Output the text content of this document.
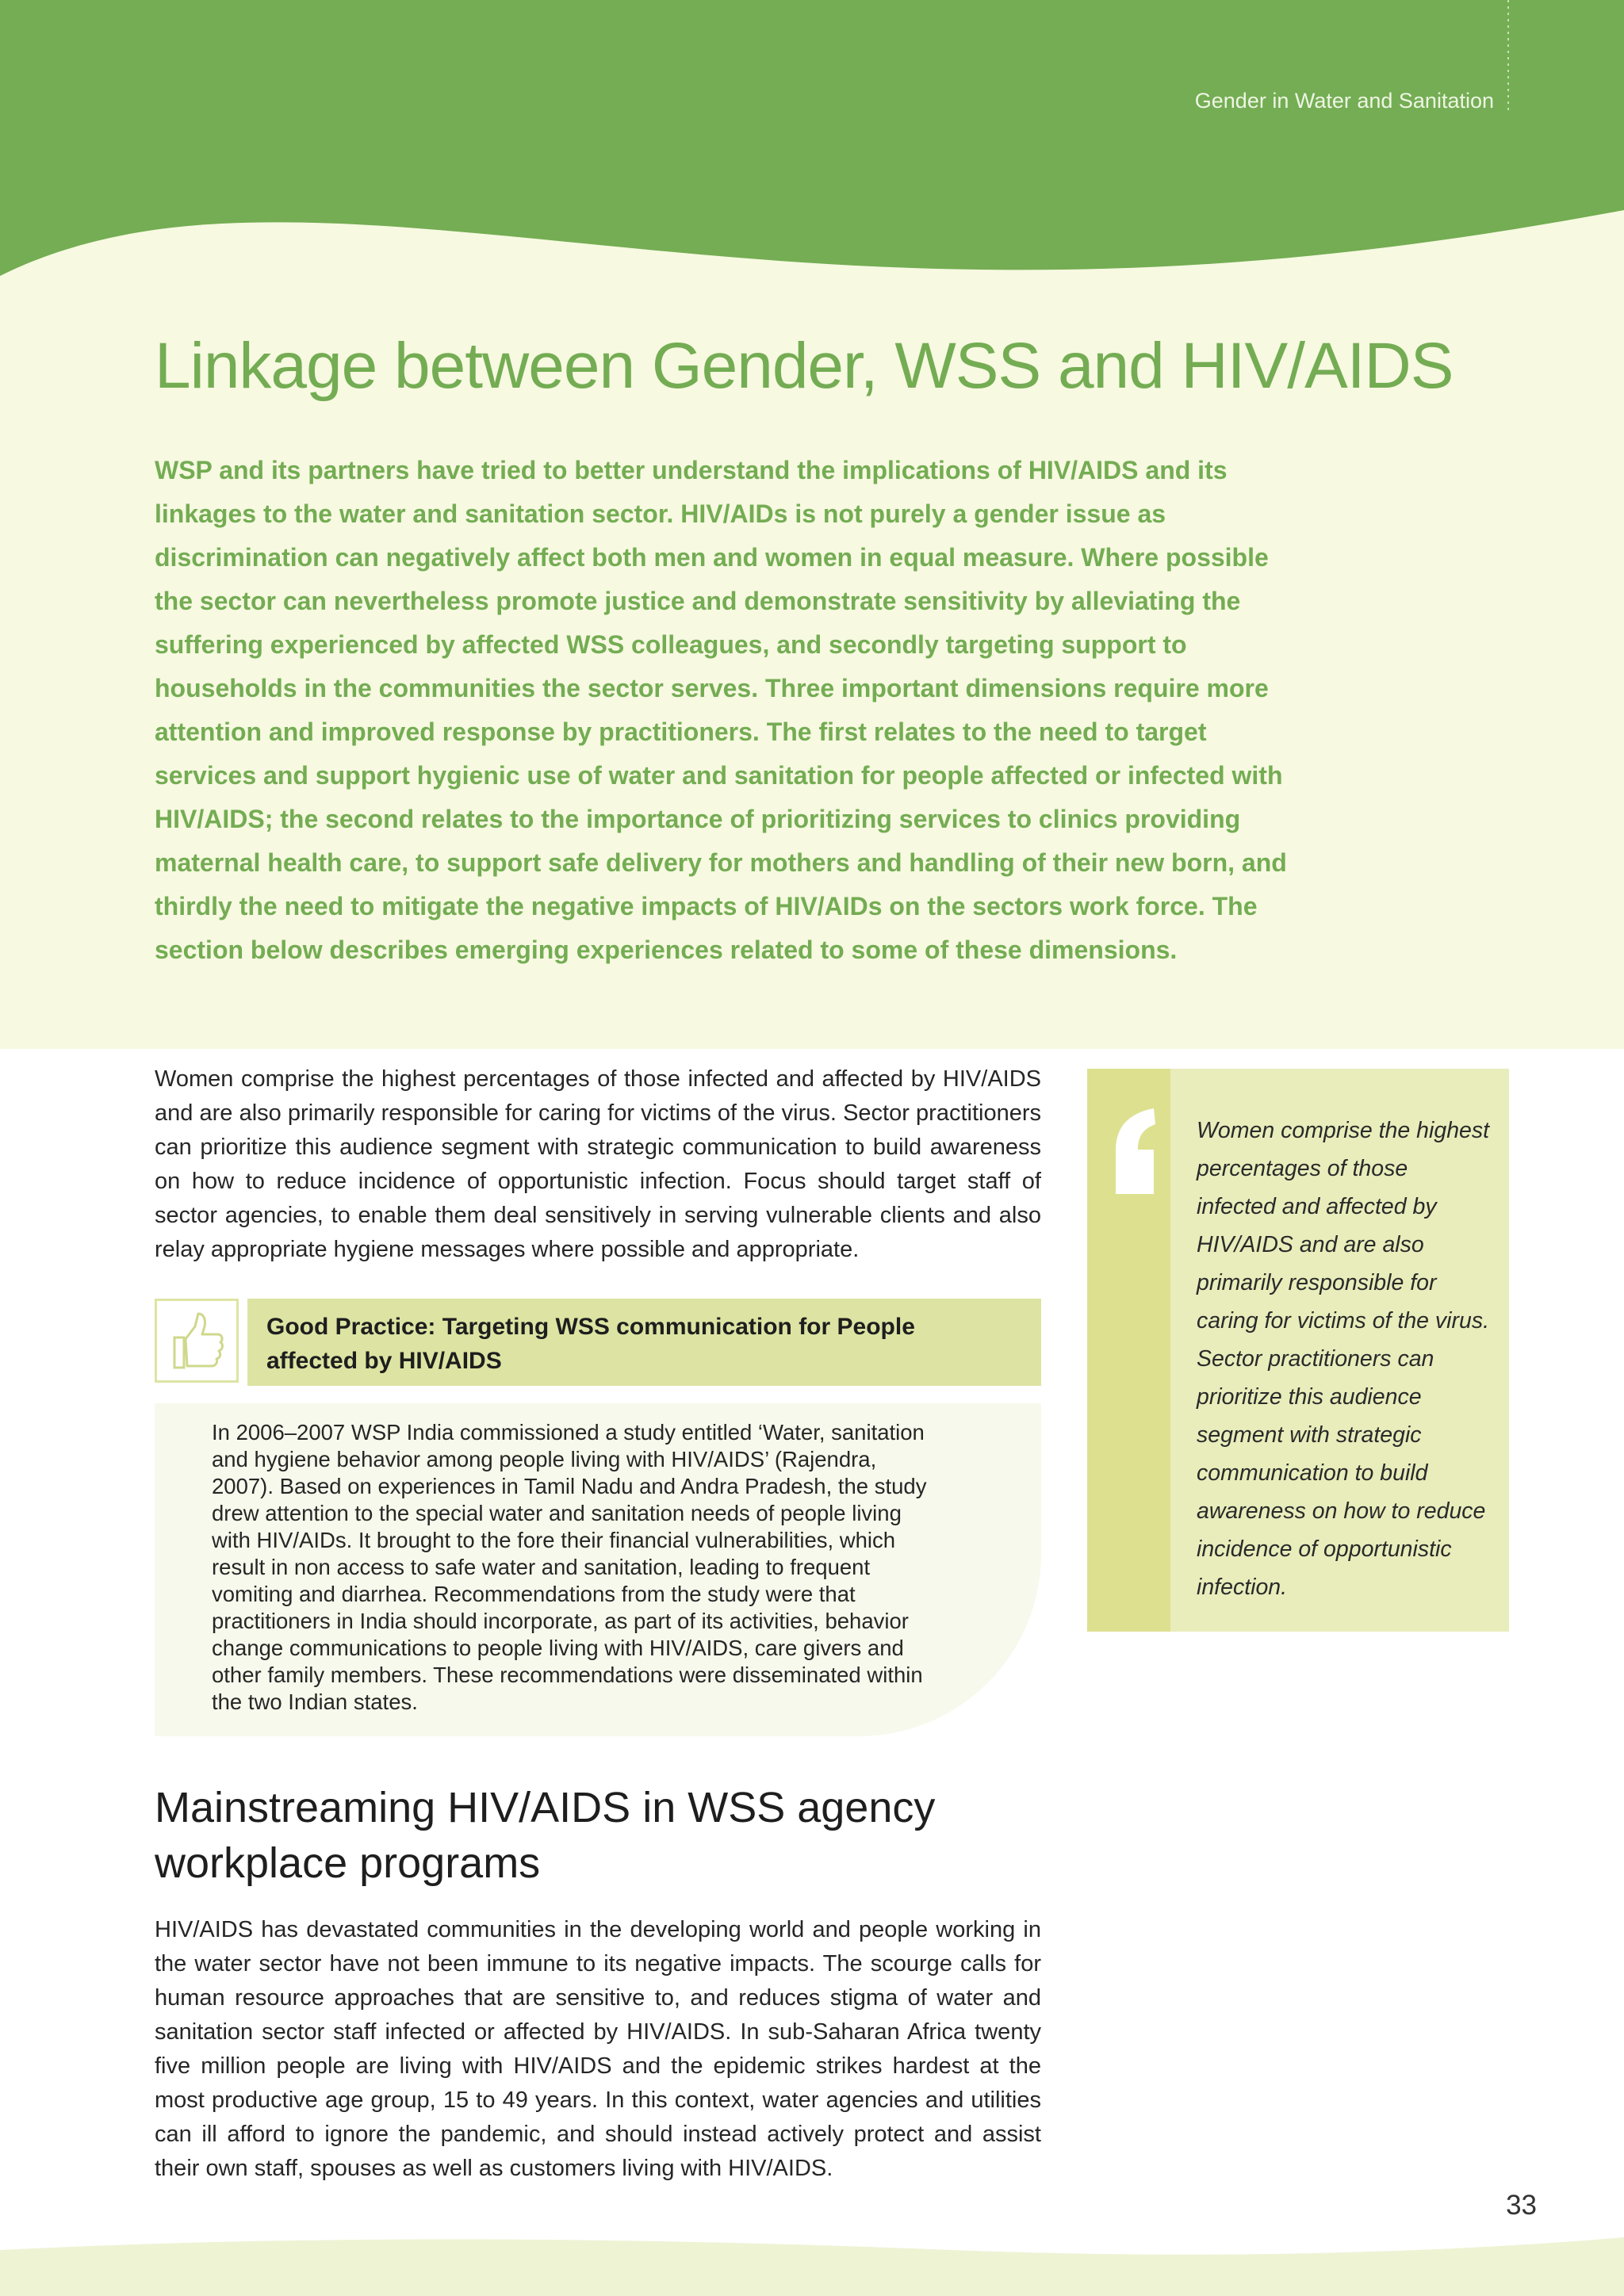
Gender in Water and Sanitation
Linkage between Gender, WSS and HIV/AIDS

WSP and its partners have tried to better understand the implications of HIV/AIDS and its linkages to the water and sanitation sector. HIV/AIDs is not purely a gender issue as discrimination can negatively affect both men and women in equal measure. Where possible the sector can nevertheless promote justice and demonstrate sensitivity by alleviating the suffering experienced by affected WSS colleagues, and secondly targeting support to households in the communities the sector serves. Three important dimensions require more attention and improved response by practitioners. The first relates to the need to target services and support hygienic use of water and sanitation for people affected or infected with HIV/AIDS; the second relates to the importance of prioritizing services to clinics providing maternal health care, to support safe delivery for mothers and handling of their new born, and thirdly the need to mitigate the negative impacts of HIV/AIDs on the sectors work force. The section below describes emerging experiences related to some of these dimensions.

Women comprise the highest percentages of those infected and affected by HIV/AIDS and are also primarily responsible for caring for victims of the virus. Sector practitioners can prioritize this audience segment with strategic communication to build awareness on how to reduce incidence of opportunistic infection. Focus should target staff of sector agencies, to enable them deal sensitively in serving vulnerable clients and also relay appropriate hygiene messages where possible and appropriate.

Good Practice: Targeting WSS communication for People affected by HIV/AIDS

In 2006–2007 WSP India commissioned a study entitled ‘Water, sanitation and hygiene behavior among people living with HIV/AIDS’ (Rajendra, 2007). Based on experiences in Tamil Nadu and Andra Pradesh, the study drew attention to the special water and sanitation needs of people living with HIV/AIDs. It brought to the fore their financial vulnerabilities, which result in non access to safe water and sanitation, leading to frequent vomiting and diarrhea. Recommendations from the study were that practitioners in India should incorporate, as part of its activities, behavior change communications to people living with HIV/AIDS, care givers and other family members. These recommendations were disseminated within the two Indian states.

Women comprise the highest percentages of those infected and affected by HIV/AIDS and are also primarily responsible for caring for victims of the virus. Sector practitioners can prioritize this audience segment with strategic communication to build awareness on how to reduce incidence of opportunistic infection.

Mainstreaming HIV/AIDS in WSS agency workplace programs

HIV/AIDS has devastated communities in the developing world and people working in the water sector have not been immune to its negative impacts. The scourge calls for human resource approaches that are sensitive to, and reduces stigma of water and sanitation sector staff infected or affected by HIV/AIDS. In sub-Saharan Africa twenty five million people are living with HIV/AIDS and the epidemic strikes hardest at the most productive age group, 15 to 49 years. In this context, water agencies and utilities can ill afford to ignore the pandemic, and should instead actively protect and assist their own staff, spouses as well as customers living with HIV/AIDS.

33
